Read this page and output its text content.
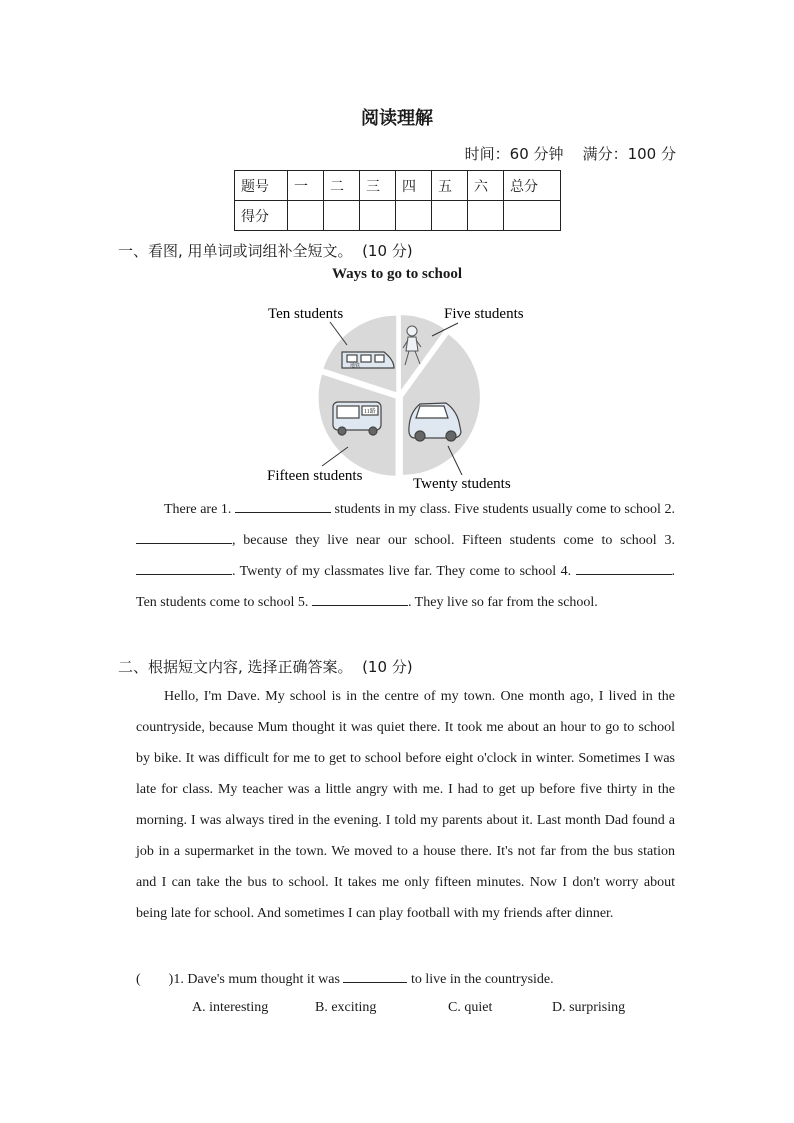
阅读理解
时间：60 分钟    满分：100 分
题号	一	二	三	四	五	六	总分
得分							
一、看图, 用单词或词组补全短文。  (10 分)
Ways to go to school
Ten students	Five students
Fifteen students	Twenty students
11路
地铁
There are 1.	students in my class. Five students usually come to school 2. , because they live near our school. Fifteen students come to school 3. . Twenty of my classmates live far. They come to school 4.	. Ten students come to school 5.	. They live so far from the school.
二、根据短文内容, 选择正确答案。  (10 分)
Hello, I'm Dave. My school is in the centre of my town. One month ago, I lived in the countryside, because Mum thought it was quiet there. It took me about an hour to go to school by bike. It was difficult for me to get to school before eight o'clock in winter. Sometimes I was late for class. My teacher was a little angry with me. I had to get up before five thirty in the morning. I was always tired in the evening. I told my parents about it. Last month Dad found a job in a supermarket in the town. We moved to a house there. It's not far from the bus station and I can take the bus to school. It takes me only fifteen minutes. Now I don't worry about being late for school. And sometimes I can play football with my friends after dinner.
(        )1. Dave's mum thought it was	to live in the countryside.
A. interesting	B. exciting	C. quiet	D. surprising
